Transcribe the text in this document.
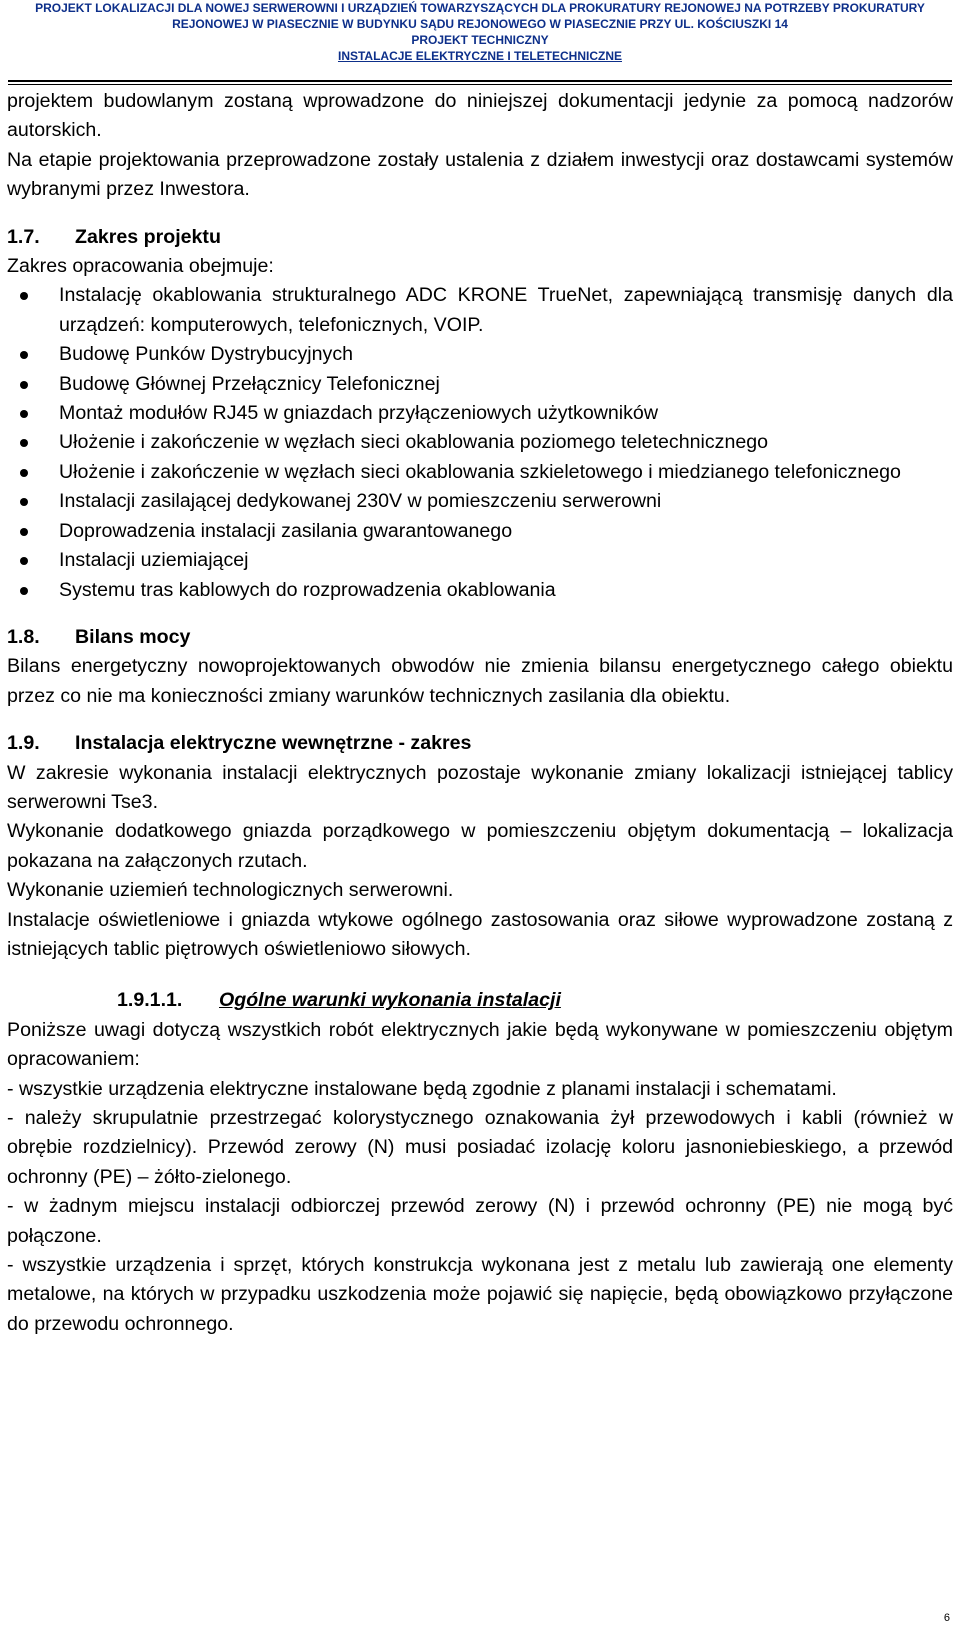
PROJEKT LOKALIZACJI DLA NOWEJ SERWEROWNI I URZĄDZIEŃ TOWARZYSZĄCYCH DLA PROKURATURY REJONOWEJ NA POTRZEBY PROKURATURY
REJONOWEJ W PIASECZNIE W BUDYNKU SĄDU REJONOWEGO W PIASECZNIE PRZY UL. KOŚCIUSZKI 14
PROJEKT TECHNICZNY
INSTALACJE ELEKTRYCZNE I TELETECHNICZNE

projektem budowlanym zostaną wprowadzone do niniejszej dokumentacji jedynie za pomocą nadzorów autorskich.

Na etapie projektowania przeprowadzone zostały ustalenia z działem inwestycji oraz dostawcami systemów wybranymi przez Inwestora.

1.7. Zakres projektu

Zakres opracowania obejmuje:

Instalację okablowania strukturalnego ADC KRONE TrueNet, zapewniającą transmisję danych dla urządzeń: komputerowych, telefonicznych, VOIP.
Budowę Punków Dystrybucyjnych
Budowę Głównej Przełącznicy Telefonicznej
Montaż modułów RJ45 w gniazdach przyłączeniowych użytkowników
Ułożenie i zakończenie w węzłach sieci okablowania poziomego teletechnicznego
Ułożenie i zakończenie w węzłach sieci okablowania szkieletowego i miedzianego telefonicznego
Instalacji zasilającej dedykowanej 230V w pomieszczeniu serwerowni
Doprowadzenia instalacji zasilania gwarantowanego
Instalacji uziemiającej
Systemu tras kablowych do rozprowadzenia okablowania
1.8. Bilans mocy

Bilans energetyczny nowoprojektowanych obwodów nie zmienia bilansu energetycznego całego obiektu przez co nie ma konieczności zmiany warunków technicznych zasilania dla obiektu.

1.9. Instalacja elektryczne wewnętrzne - zakres

W zakresie wykonania instalacji elektrycznych pozostaje wykonanie zmiany lokalizacji istniejącej tablicy serwerowni Tse3.

Wykonanie dodatkowego gniazda porządkowego w pomieszczeniu objętym dokumentacją – lokalizacja pokazana na załączonych rzutach.

Wykonanie uziemień technologicznych serwerowni.

Instalacje oświetleniowe i gniazda wtykowe ogólnego zastosowania oraz siłowe wyprowadzone zostaną z istniejących tablic piętrowych oświetleniowo siłowych.

1.9.1.1. Ogólne warunki wykonania instalacji

Poniższe uwagi dotyczą wszystkich robót elektrycznych jakie będą wykonywane w pomieszczeniu objętym opracowaniem:

- wszystkie urządzenia elektryczne instalowane będą zgodnie z planami instalacji i schematami.

- należy skrupulatnie przestrzegać kolorystycznego oznakowania żył przewodowych i kabli (również w obrębie rozdzielnicy). Przewód zerowy (N) musi posiadać izolację koloru jasnoniebieskiego, a przewód ochronny (PE) – żółto-zielonego.

- w żadnym miejscu instalacji odbiorczej przewód zerowy (N) i przewód ochronny (PE) nie mogą być połączone.

- wszystkie urządzenia i sprzęt, których konstrukcja wykonana jest z metalu lub zawierają one elementy metalowe, na których w przypadku uszkodzenia może pojawić się napięcie, będą obowiązkowo przyłączone do przewodu ochronnego.

6
